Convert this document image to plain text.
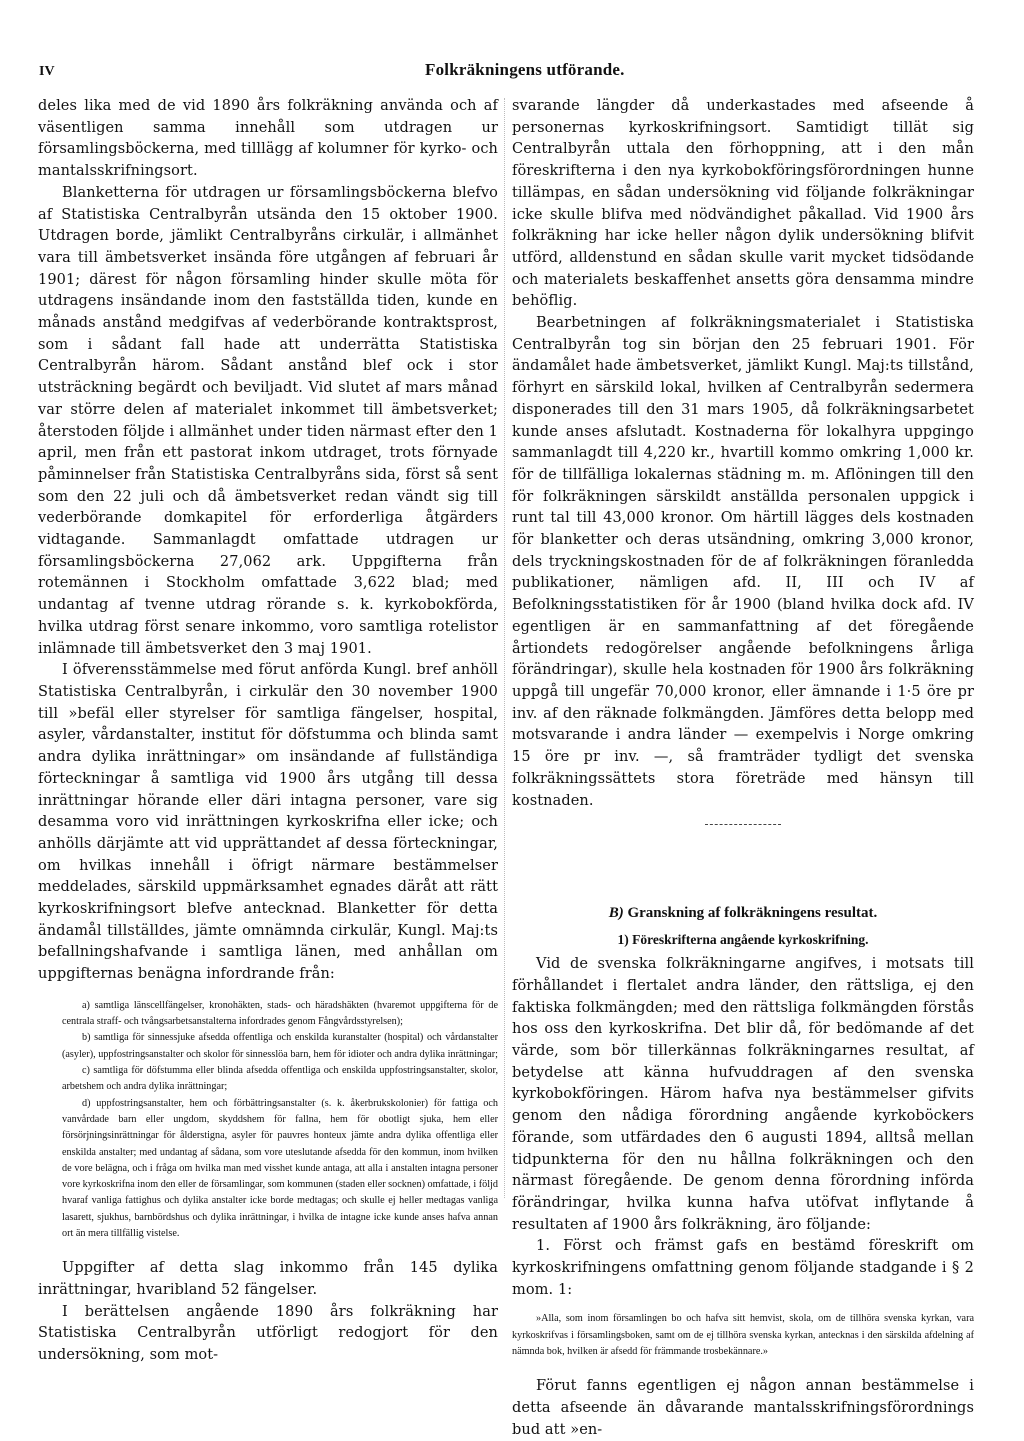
IV	Folkräkningens utförande.

deles lika med de vid 1890 års folkräkning använda och af väsentligen samma innehåll som utdragen ur församlingsböckerna, med tilllägg af kolumner för kyrko- och mantalsskrifningsort.

Blanketterna för utdragen ur församlingsböckerna blefvo af Statistiska Centralbyrån utsända den 15 oktober 1900. Utdragen borde, jämlikt Centralbyråns cirkulär, i allmänhet vara till ämbetsverket insända före utgången af februari år 1901; därest för någon församling hinder skulle möta för utdragens insändande inom den fastställda tiden, kunde en månads anstånd medgifvas af vederbörande kontraktsprost, som i sådant fall hade att underrätta Statistiska Centralbyrån härom. Sådant anstånd blef ock i stor utsträckning begärdt och beviljadt. Vid slutet af mars månad var större delen af materialet inkommet till ämbetsverket; återstoden följde i allmänhet under tiden närmast efter den 1 april, men från ett pastorat inkom utdraget, trots förnyade påminnelser från Statistiska Centralbyråns sida, först så sent som den 22 juli och då ämbetsverket redan vändt sig till vederbörande domkapitel för erforderliga åtgärders vidtagande. Sammanlagdt omfattade utdragen ur församlingsböckerna 27,062 ark. Uppgifterna från rotemännen i Stockholm omfattade 3,622 blad; med undantag af tvenne utdrag rörande s. k. kyrkobokförda, hvilka utdrag först senare inkommo, voro samtliga rotelistor inlämnade till ämbetsverket den 3 maj 1901.

I öfverensstämmelse med förut anförda Kungl. bref anhöll Statistiska Centralbyrån, i cirkulär den 30 november 1900 till »befäl eller styrelser för samtliga fängelser, hospital, asyler, vårdanstalter, institut för döfstumma och blinda samt andra dylika inrättningar» om insändande af fullständiga förteckningar å samtliga vid 1900 års utgång till dessa inrättningar hörande eller däri intagna personer, vare sig desamma voro vid inrättningen kyrkoskrifna eller icke; och anhölls därjämte att vid upprättandet af dessa förteckningar, om hvilkas innehåll i öfrigt närmare bestämmelser meddelades, särskild uppmärksamhet egnades däråt att rätt kyrkoskrifningsort blefve antecknad. Blanketter för detta ändamål tillställdes, jämte omnämnda cirkulär, Kungl. Maj:ts befallningshafvande i samtliga länen, med anhållan om uppgifternas benägna infordrande från:

a) samtliga länscellfängelser, kronohäkten, stads- och häradshäkten (hvaremot uppgifterna för de centrala straff- och tvångsarbetsanstalterna infordrades genom Fångvårdsstyrelsen);

b) samtliga för sinnessjuke afsedda offentliga och enskilda kuranstalter (hospital) och vårdanstalter (asyler), uppfostringsanstalter och skolor för sinnesslöa barn, hem för idioter och andra dylika inrättningar;

c) samtliga för döfstumma eller blinda afsedda offentliga och enskilda uppfostringsanstalter, skolor, arbetshem och andra dylika inrättningar;

d) uppfostringsanstalter, hem och förbättringsanstalter (s. k. åkerbrukskolonier) för fattiga och vanvårdade barn eller ungdom, skyddshem för fallna, hem för obotligt sjuka, hem eller försörjningsinrättningar för ålderstigna, asyler för pauvres honteux jämte andra dylika offentliga eller enskilda anstalter; med undantag af sådana, som vore uteslutande afsedda för den kommun, inom hvilken de vore belägna, och i fråga om hvilka man med visshet kunde antaga, att alla i anstalten intagna personer vore kyrkoskrifna inom den eller de församlingar, som kommunen (staden eller socknen) omfattade, i följd hvaraf vanliga fattighus och dylika anstalter icke borde medtagas; och skulle ej heller medtagas vanliga lasarett, sjukhus, barnbördshus och dylika inrättningar, i hvilka de intagne icke kunde anses hafva annan ort än mera tillfällig vistelse.

Uppgifter af detta slag inkommo från 145 dylika inrättningar, hvaribland 52 fängelser.

I berättelsen angående 1890 års folkräkning har Statistiska Centralbyrån utförligt redogjort för den undersökning, som mot-

svarande längder då underkastades med afseende å personernas kyrkoskrifningsort. Samtidigt tillät sig Centralbyrån uttala den förhoppning, att i den mån föreskrifterna i den nya kyrkobokföringsförordningen hunne tillämpas, en sådan undersökning vid följande folkräkningar icke skulle blifva med nödvändighet påkallad. Vid 1900 års folkräkning har icke heller någon dylik undersökning blifvit utförd, alldenstund en sådan skulle varit mycket tidsödande och materialets beskaffenhet ansetts göra densamma mindre behöflig.

Bearbetningen af folkräkningsmaterialet i Statistiska Centralbyrån tog sin början den 25 februari 1901. För ändamålet hade ämbetsverket, jämlikt Kungl. Maj:ts tillstånd, förhyrt en särskild lokal, hvilken af Centralbyrån sedermera disponerades till den 31 mars 1905, då folkräkningsarbetet kunde anses afslutadt. Kostnaderna för lokalhyra uppgingo sammanlagdt till 4,220 kr., hvartill kommo omkring 1,000 kr. för de tillfälliga lokalernas städning m. m. Aflöningen till den för folkräkningen särskildt anställda personalen uppgick i runt tal till 43,000 kronor. Om härtill lägges dels kostnaden för blanketter och deras utsändning, omkring 3,000 kronor, dels tryckningskostnaden för de af folkräkningen föranledda publikationer, nämligen afd. II, III och IV af Befolkningsstatistiken för år 1900 (bland hvilka dock afd. IV egentligen är en sammanfattning af det föregående årtiondets redogörelser angående befolkningens årliga förändringar), skulle hela kostnaden för 1900 års folkräkning uppgå till ungefär 70,000 kronor, eller ämnande i 1·5 öre pr inv. af den räknade folkmängden. Jämföres detta belopp med motsvarande i andra länder — exempelvis i Norge omkring 15 öre pr inv. —, så framträder tydligt det svenska folkräkningssättets stora företräde med hänsyn till kostnaden.

B) Granskning af folkräkningens resultat.
1) Föreskrifterna angående kyrkoskrifning.

Vid de svenska folkräkningarne angifves, i motsats till förhållandet i flertalet andra länder, den rättsliga, ej den faktiska folkmängden; med den rättsliga folkmängden förstås hos oss den kyrkoskrifna. Det blir då, för bedömande af det värde, som bör tillerkännas folkräkningarnes resultat, af betydelse att känna hufvuddragen af den svenska kyrkobokföringen. Härom hafva nya bestämmelser gifvits genom den nådiga förordning angående kyrkoböckers förande, som utfärdades den 6 augusti 1894, alltså mellan tidpunkterna för den nu hållna folkräkningen och den närmast föregående. De genom denna förordning införda förändringar, hvilka kunna hafva utöfvat inflytande å resultaten af 1900 års folkräkning, äro följande:

1. Först och främst gafs en bestämd föreskrift om kyrkoskrifningens omfattning genom följande stadgande i § 2 mom. 1:

»Alla, som inom församlingen bo och hafva sitt hemvist, skola, om de tillhöra svenska kyrkan, vara kyrkoskrifvas i församlingsboken, samt om de ej tillhöra svenska kyrkan, antecknas i den särskilda afdelning af nämnda bok, hvilken är afsedd för främmande trosbekännare.»

Förut fanns egentligen ej någon annan bestämmelse i detta afseende än dåvarande mantalsskrifningsförordnings bud att »en-
